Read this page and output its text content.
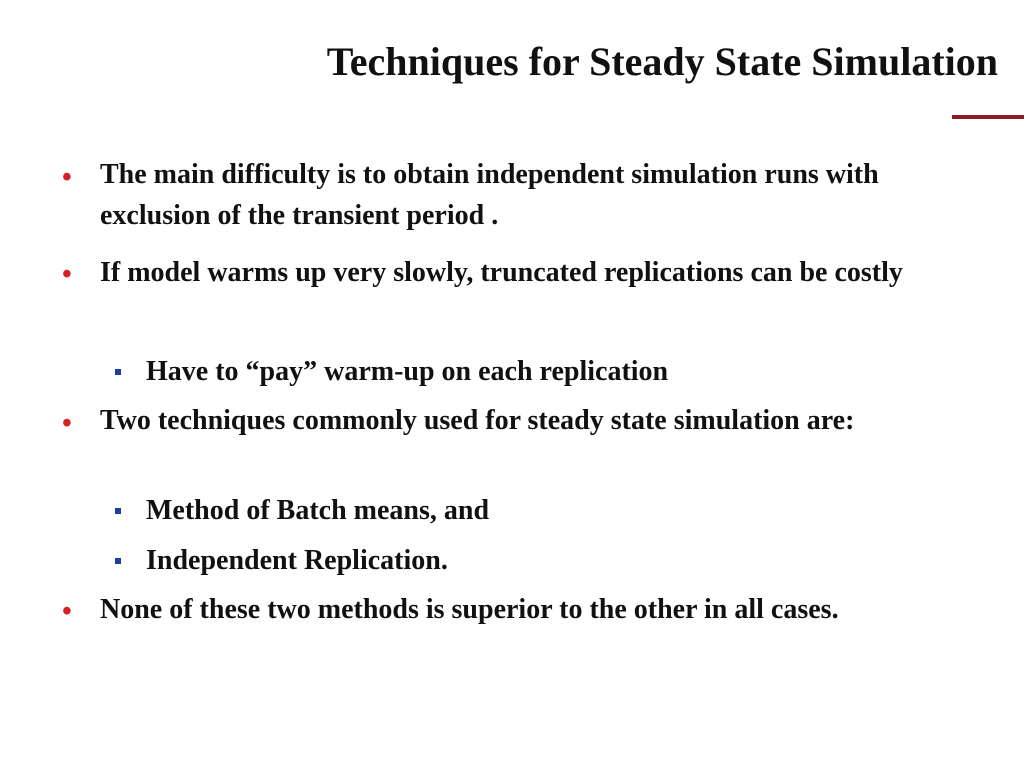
Techniques for Steady State Simulation
• The main difficulty is to obtain independent simulation runs with exclusion of the transient period .
• If model warms up very slowly, truncated replications can be costly
Have to “pay” warm-up on each replication
• Two techniques commonly used for steady state simulation are:
Method of Batch means, and
Independent Replication.
• None of these two methods is superior to the other in all cases.
